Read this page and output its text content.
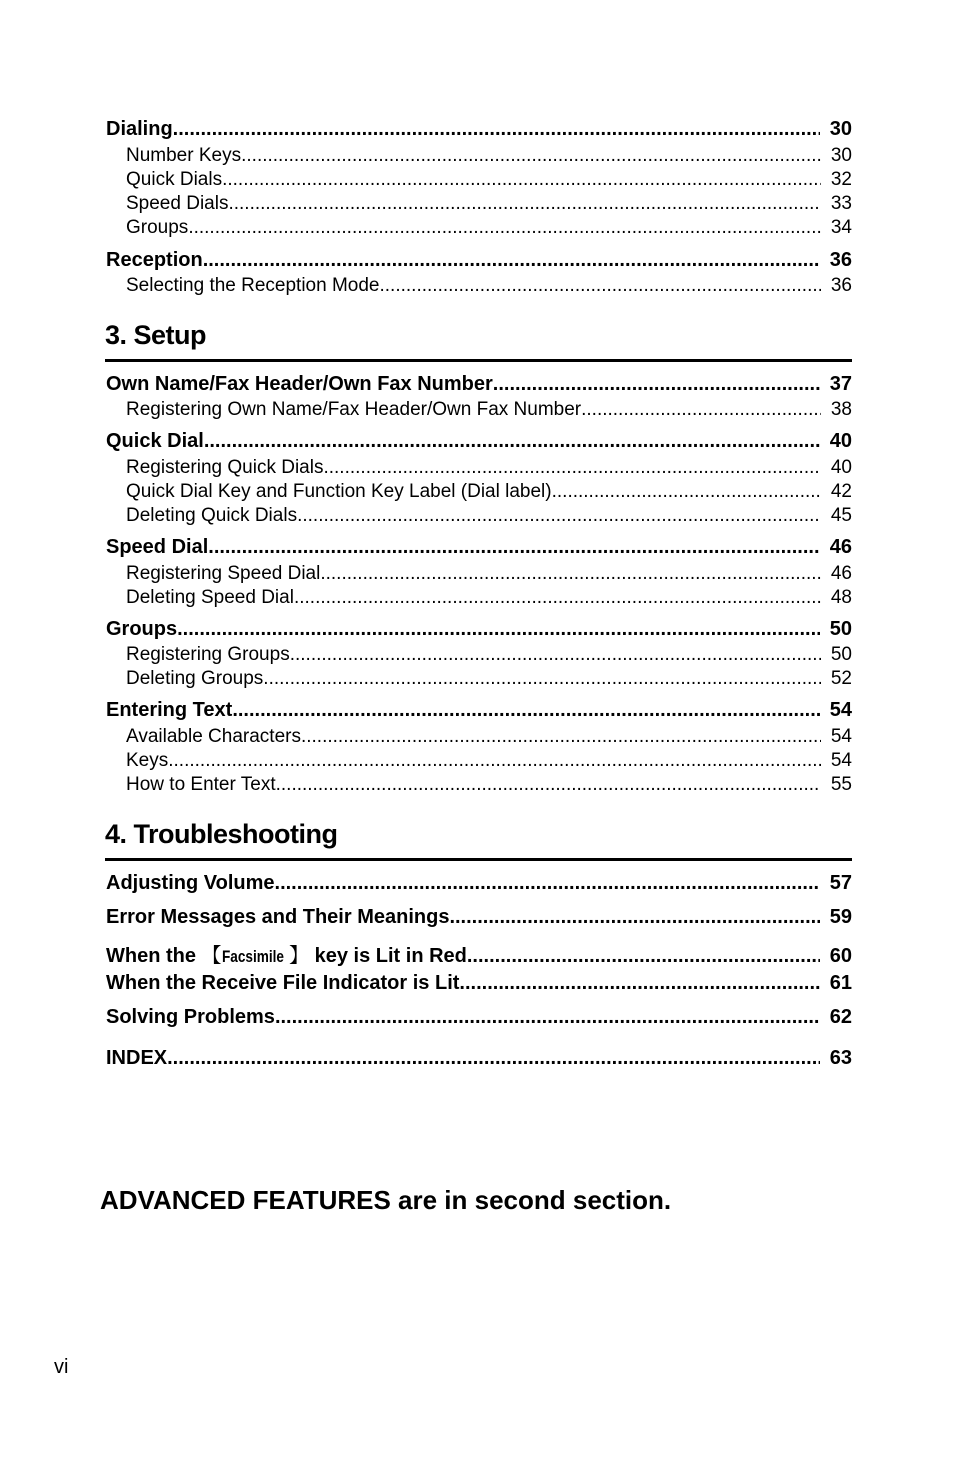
Dialing .....	30
Number Keys .....	30
Quick Dials .....	32
Speed Dials .....	33
Groups .....	34
Reception .....	36
Selecting the Reception Mode .....	36
3. Setup
Own Name/Fax Header/Own Fax Number .....	37
Registering Own Name/Fax Header/Own Fax Number .....	38
Quick Dial .....	40
Registering Quick Dials .....	40
Quick Dial Key and Function Key Label (Dial label) .....	42
Deleting Quick Dials .....	45
Speed Dial .....	46
Registering Speed Dial .....	46
Deleting Speed Dial .....	48
Groups .....	50
Registering Groups .....	50
Deleting Groups .....	52
Entering Text .....	54
Available Characters .....	54
Keys .....	54
How to Enter Text .....	55
4. Troubleshooting
Adjusting Volume .....	57
Error Messages and Their Meanings .....	59
When the 【Facsimile 】 key is Lit in Red .....	60
When the Receive File Indicator is Lit .....	61
Solving Problems .....	62
INDEX .....	63
ADVANCED FEATURES are in second section.
vi
